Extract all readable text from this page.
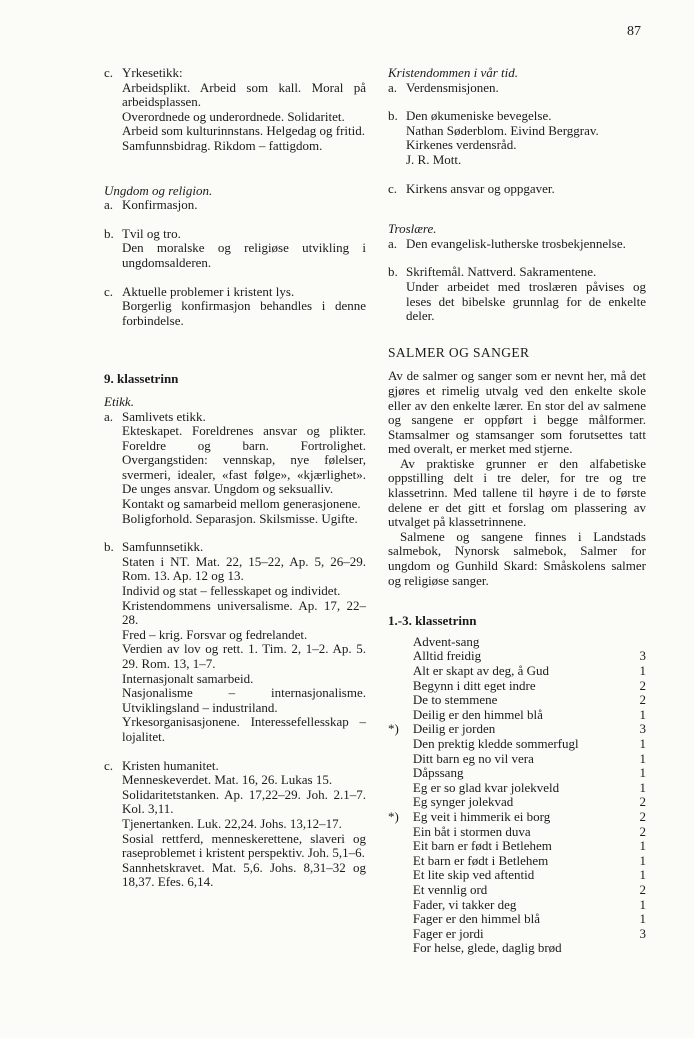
87
c. Yrkesetikk:
Arbeidsplikt. Arbeid som kall. Moral på arbeidsplassen.
Overordnede og underordnede. Solidaritet.
Arbeid som kulturinnstans. Helgedag og fritid.
Samfunnsbidrag. Rikdom – fattigdom.
Ungdom og religion.
a. Konfirmasjon.
b. Tvil og tro.
Den moralske og religiøse utvikling i ungdomsalderen.
c. Aktuelle problemer i kristent lys.
Borgerlig konfirmasjon behandles i denne forbindelse.
9. klassetrinn
Etikk.
a. Samlivets etikk.
Ekteskapet. Foreldrenes ansvar og plikter. Foreldre og barn. Fortrolighet. Overgangstiden: vennskap, nye følelser, svermeri, idealer, «fast følge», «kjærlighet». De unges ansvar. Ungdom og seksualliv.
Kontakt og samarbeid mellom generasjonene.
Boligforhold. Separasjon. Skilsmisse. Ugifte.
b. Samfunnsetikk.
Staten i NT. Mat. 22, 15–22, Ap. 5, 26–29. Rom. 13. Ap. 12 og 13.
Individ og stat – fellesskapet og individet.
Kristendommens universalisme. Ap. 17, 22–28.
Fred – krig. Forsvar og fedrelandet.
Verdien av lov og rett. 1. Tim. 2, 1–2. Ap. 5. 29. Rom. 13, 1–7.
Internasjonalt samarbeid.
Nasjonalisme – internasjonalisme. Utviklingsland – industriland.
Yrkesorganisasjonene. Interessefellesskap – lojalitet.
c. Kristen humanitet.
Menneskeverdet. Mat. 16, 26. Lukas 15.
Solidaritetstanken. Ap. 17,22–29. Joh. 2.1–7. Kol. 3,11.
Tjenertanken. Luk. 22,24. Johs. 13,12–17.
Sosial rettferd, menneskerettene, slaveri og raseproblemet i kristent perspektiv. Joh. 5,1–6.
Sannhetskravet. Mat. 5,6. Johs. 8,31–32 og 18,37. Efes. 6,14.
Kristendommen i vår tid.
a. Verdensmisjonen.
b. Den økumeniske bevegelse.
Nathan Søderblom. Eivind Berggrav.
Kirkenes verdensråd.
J. R. Mott.
c. Kirkens ansvar og oppgaver.
Troslære.
a. Den evangelisk-lutherske trosbekjennelse.
b. Skriftemål. Nattverd. Sakramentene.
Under arbeidet med troslæren påvises og leses det bibelske grunnlag for de enkelte deler.
SALMER OG SANGER
Av de salmer og sanger som er nevnt her, må det gjøres et rimelig utvalg ved den enkelte skole eller av den enkelte lærer. En stor del av salmene og sangene er oppført i begge målformer. Stamsalmer og stamsanger som forutsettes tatt med overalt, er merket med stjerne.
Av praktiske grunner er den alfabetiske oppstilling delt i tre deler, for tre og tre klassetrinn. Med tallene til høyre i de to første delene er det gitt et forslag om plassering av utvalget på klassetrinnene.
Salmene og sangene finnes i Landstads salmebok, Nynorsk salmebok, Salmer for ungdom og Gunhild Skard: Småskolens salmer og religiøse sanger.
1.-3. klassetrinn
	Advent-sang	
	Alltid freidig	3
	Alt er skapt av deg, å Gud	1
	Begynn i ditt eget indre	2
	De to stemmene	2
	Deilig er den himmel blå	1
*)	Deilig er jorden	3
	Den prektig kledde sommerfugl	1
	Ditt barn eg no vil vera	1
	Dåpssang	1
	Eg er so glad kvar jolekveld	1
	Eg synger jolekvad	2
*)	Eg veit i himmerik ei borg	2
	Ein båt i stormen duva	2
	Eit barn er født i Betlehem	1
	Et barn er født i Betlehem	1
	Et lite skip ved aftentid	1
	Et vennlig ord	2
	Fader, vi takker deg	1
	Fager er den himmel blå	1
	Fager er jordi	3
	For helse, glede, daglig brød	
